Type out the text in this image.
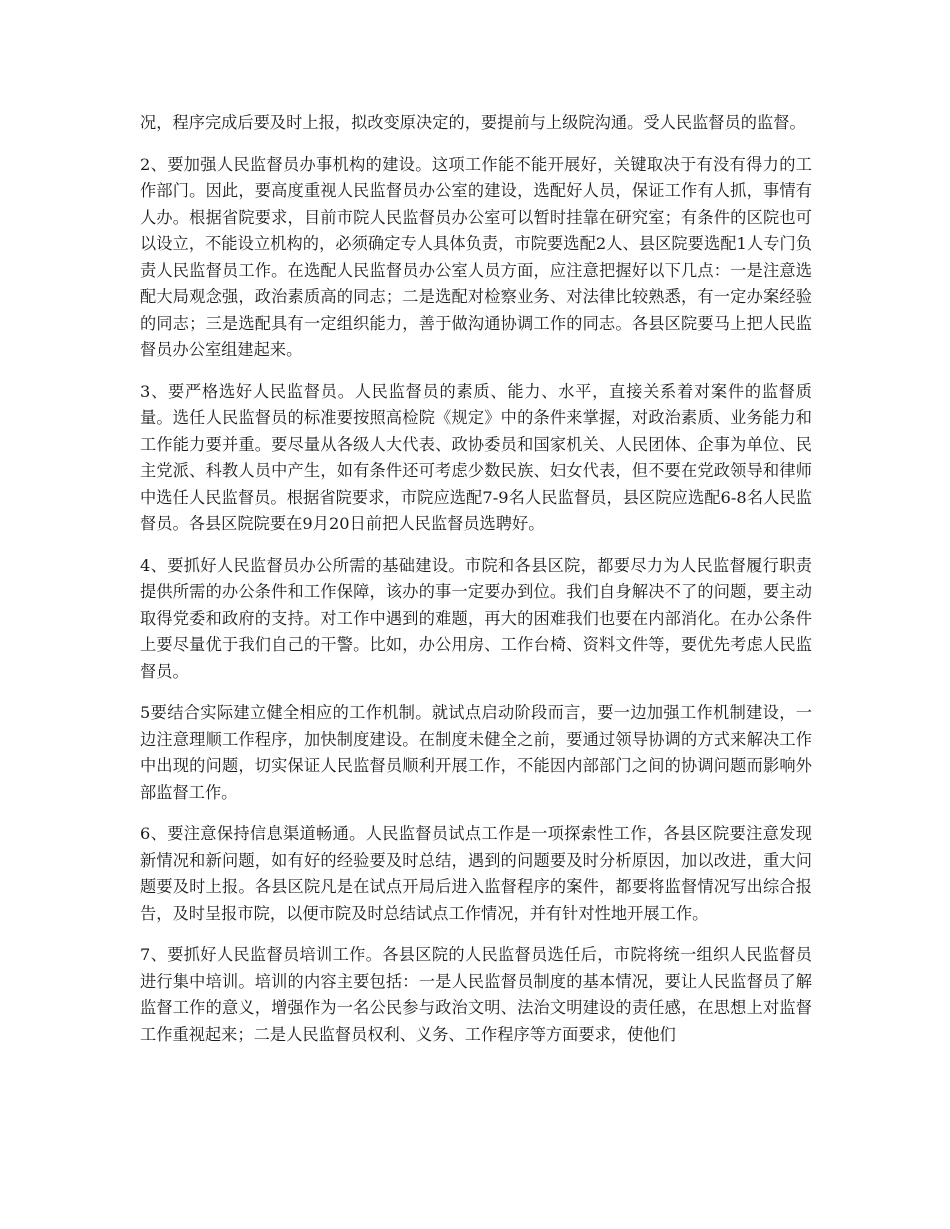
况，程序完成后要及时上报，拟改变原决定的，要提前与上级院沟通。受人民监督员的监督。

2、要加强人民监督员办事机构的建设。这项工作能不能开展好，关键取决于有没有得力的工作部门。因此，要高度重视人民监督员办公室的建设，选配好人员，保证工作有人抓，事情有人办。根据省院要求，目前市院人民监督员办公室可以暂时挂靠在研究室；有条件的区院也可以设立，不能设立机构的，必须确定专人具体负责，市院要选配2人、县区院要选配1人专门负责人民监督员工作。在选配人民监督员办公室人员方面，应注意把握好以下几点：一是注意选配大局观念强，政治素质高的同志；二是选配对检察业务、对法律比较熟悉，有一定办案经验的同志；三是选配具有一定组织能力，善于做沟通协调工作的同志。各县区院要马上把人民监督员办公室组建起来。

3、要严格选好人民监督员。人民监督员的素质、能力、水平，直接关系着对案件的监督质量。选任人民监督员的标准要按照高检院《规定》中的条件来掌握，对政治素质、业务能力和工作能力要并重。要尽量从各级人大代表、政协委员和国家机关、人民团体、企事为单位、民主党派、科教人员中产生，如有条件还可考虑少数民族、妇女代表，但不要在党政领导和律师中选任人民监督员。根据省院要求，市院应选配7-9名人民监督员，县区院应选配6-8名人民监督员。各县区院院要在9月20日前把人民监督员选聘好。

4、要抓好人民监督员办公所需的基础建设。市院和各县区院，都要尽力为人民监督履行职责提供所需的办公条件和工作保障，该办的事一定要办到位。我们自身解决不了的问题，要主动取得党委和政府的支持。对工作中遇到的难题，再大的困难我们也要在内部消化。在办公条件上要尽量优于我们自己的干警。比如，办公用房、工作台椅、资料文件等，要优先考虑人民监督员。

5要结合实际建立健全相应的工作机制。就试点启动阶段而言，要一边加强工作机制建设，一边注意理顺工作程序，加快制度建设。在制度未健全之前，要通过领导协调的方式来解决工作中出现的问题，切实保证人民监督员顺利开展工作，不能因内部部门之间的协调问题而影响外部监督工作。

6、要注意保持信息渠道畅通。人民监督员试点工作是一项探索性工作，各县区院要注意发现新情况和新问题，如有好的经验要及时总结，遇到的问题要及时分析原因，加以改进，重大问题要及时上报。各县区院凡是在试点开局后进入监督程序的案件，都要将监督情况写出综合报告，及时呈报市院，以便市院及时总结试点工作情况，并有针对性地开展工作。

7、要抓好人民监督员培训工作。各县区院的人民监督员选任后，市院将统一组织人民监督员进行集中培训。培训的内容主要包括：一是人民监督员制度的基本情况，要让人民监督员了解监督工作的意义，增强作为一名公民参与政治文明、法治文明建设的责任感，在思想上对监督工作重视起来；二是人民监督员权利、义务、工作程序等方面要求，使他们
